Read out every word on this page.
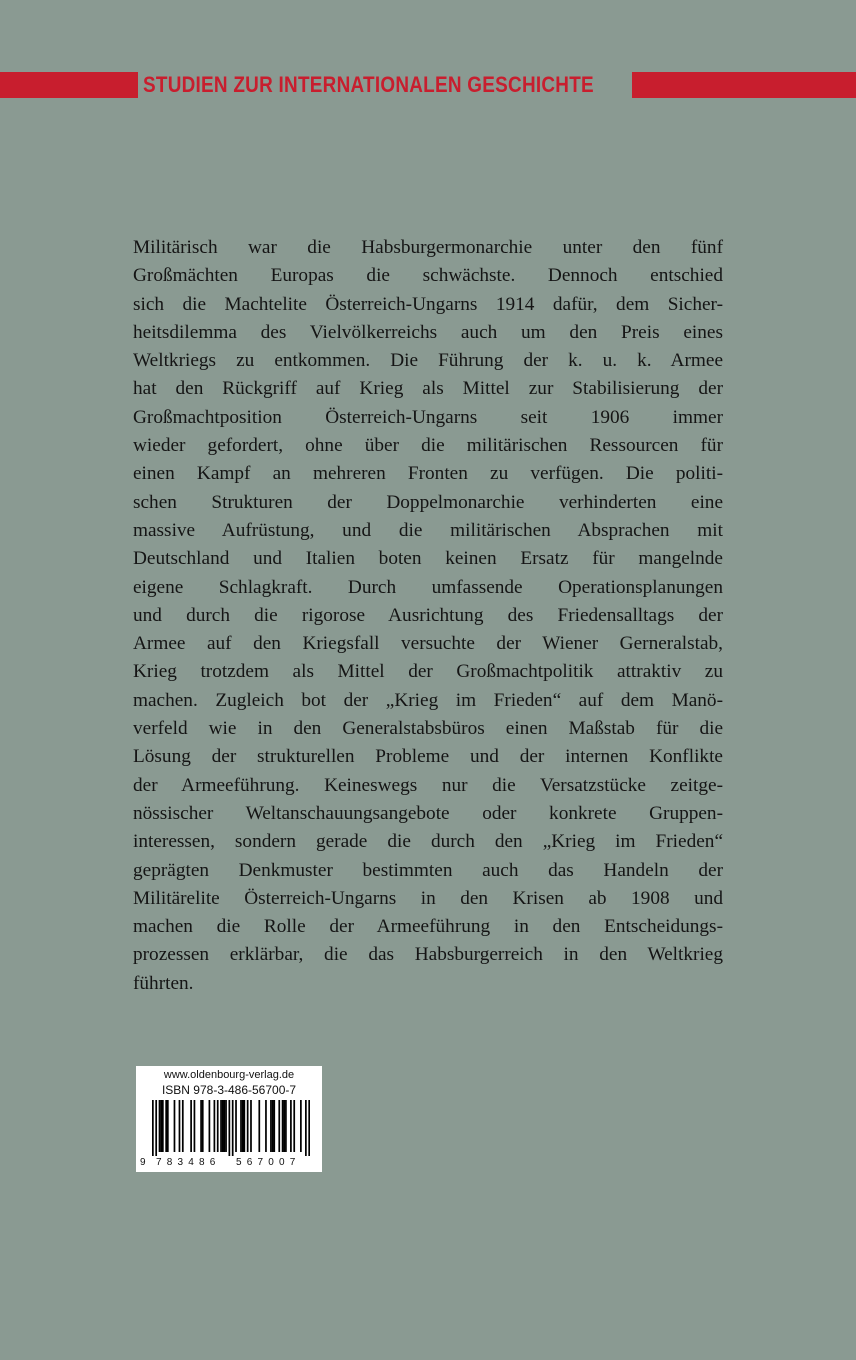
STUDIEN ZUR INTERNATIONALEN GESCHICHTE
Militärisch war die Habsburgermonarchie unter den fünf
Großmächten Europas die schwächste. Dennoch entschied
sich die Machtelite Österreich-Ungarns 1914 dafür, dem Sicher-
heitsdilemma des Vielvölkerreichs auch um den Preis eines
Weltkriegs zu entkommen. Die Führung der k. u. k. Armee
hat den Rückgriff auf Krieg als Mittel zur Stabilisierung der
Großmachtposition Österreich-Ungarns seit 1906 immer
wieder gefordert, ohne über die militärischen Ressourcen für
einen Kampf an mehreren Fronten zu verfügen. Die politi-
schen Strukturen der Doppelmonarchie verhinderten eine
massive Aufrüstung, und die militärischen Absprachen mit
Deutschland und Italien boten keinen Ersatz für mangelnde
eigene Schlagkraft. Durch umfassende Operationsplanungen
und durch die rigorose Ausrichtung des Friedensalltags der
Armee auf den Kriegsfall versuchte der Wiener Gerneralstab,
Krieg trotzdem als Mittel der Großmachtpolitik attraktiv zu
machen. Zugleich bot der „Krieg im Frieden“ auf dem Manö-
verfeld wie in den Generalstabsbüros einen Maßstab für die
Lösung der strukturellen Probleme und der internen Konflikte
der Armeeführung. Keineswegs nur die Versatzstücke zeitge-
nössischer Weltanschauungsangebote oder konkrete Gruppen-
interessen, sondern gerade die durch den „Krieg im Frieden“
geprägten Denkmuster bestimmten auch das Handeln der
Militärelite Österreich-Ungarns in den Krisen ab 1908 und
machen die Rolle der Armeeführung in den Entscheidungs-
prozessen erklärbar, die das Habsburgerreich in den Weltkrieg
führten.
www.oldenbourg-verlag.de
ISBN 978-3-486-56700-7
9 783486 567007
